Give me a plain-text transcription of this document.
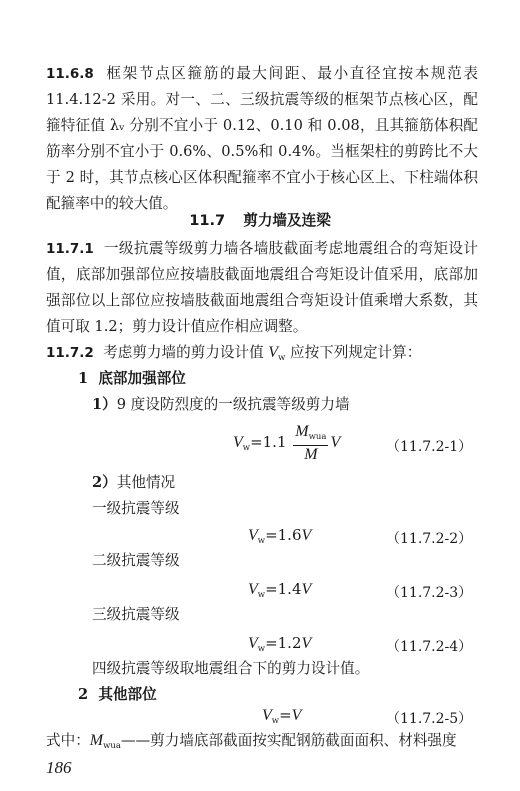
11.6.8 框架节点区箍筋的最大间距、最小直径宜按本规范表 11.4.12-2 采用。对一、二、三级抗震等级的框架节点核心区，配箍特征值 λᵥ 分别不宜小于 0.12、0.10 和 0.08，且其箍筋体积配筋率分别不宜小于 0.6%、0.5%和 0.4%。当框架柱的剪跨比不大于 2 时，其节点核心区体积配箍率不宜小于核心区上、下柱端体积配箍率中的较大值。
11.7 剪力墙及连梁
11.7.1 一级抗震等级剪力墙各墙肢截面考虑地震组合的弯矩设计值，底部加强部位应按墙肢截面地震组合弯矩设计值采用，底部加强部位以上部位应按墙肢截面地震组合弯矩设计值乘增大系数，其值可取 1.2；剪力设计值应作相应调整。
11.7.2 考虑剪力墙的剪力设计值 $V_w$ 应按下列规定计算：
1 底部加强部位
1）9 度设防烈度的一级抗震等级剪力墙
$V_w=1.1 \frac{M_{wua}}{M}$ V	（11.7.2-1）
2）其他情况
一级抗震等级
$V_w=1.6V$	（11.7.2-2）
二级抗震等级
$V_w=1.4V$	（11.7.2-3）
三级抗震等级
$V_w=1.2V$	（11.7.2-4）
四级抗震等级取地震组合下的剪力设计值。
2 其他部位
$V_w=V$	（11.7.2-5）
式中：$M_{wua}——$剪力墙底部截面按实配钢筋截面面积、材料强度
186
